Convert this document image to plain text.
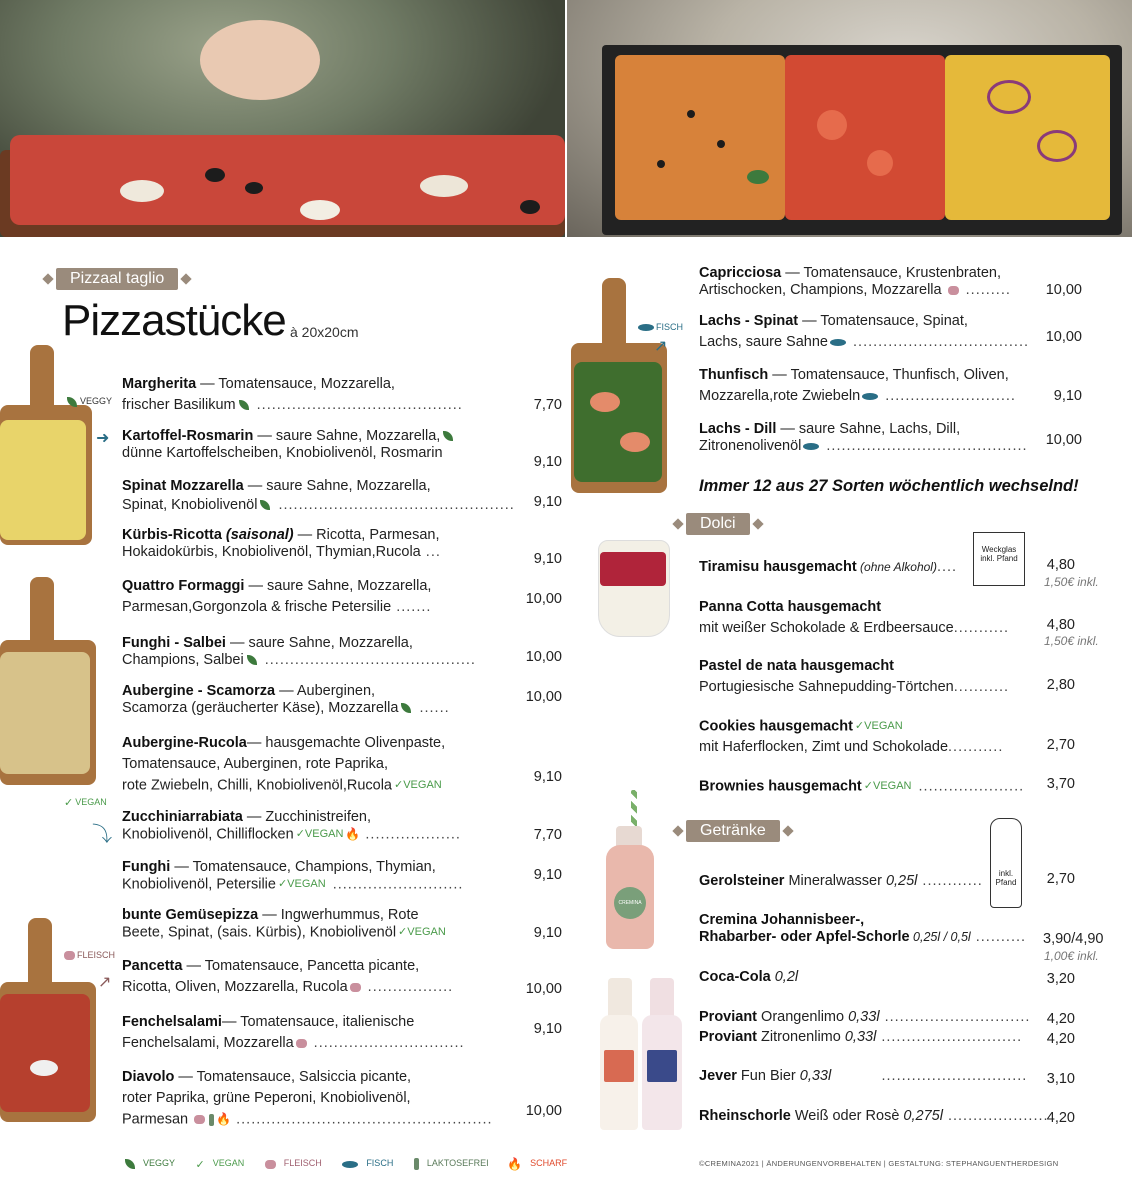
Pizzaal taglio
Pizzastücke à 20x20cm
VEGGY
➜
✓ VEGAN
⤵
FLEISCH
↗
Margherita — Tomatensauce, Mozzarella,
frischer Basilikum .........................................	7,70
Kartoffel-Rosmarin — saure Sahne, Mozzarella,
dünne Kartoffelscheiben, Knobiolivenöl, Rosmarin
9,10
Spinat Mozzarella — saure Sahne, Mozzarella,
Spinat, Knobiolivenöl ...............................................	9,10
Kürbis-Ricotta (saisonal) — Ricotta, Parmesan,
Hokaidokürbis, Knobiolivenöl, Thymian,Rucola ...	9,10
Quattro Formaggi — saure Sahne, Mozzarella,
Parmesan,Gorgonzola & frische Petersilie .......	10,00
Funghi - Salbei — saure Sahne, Mozzarella,
Champions, Salbei ..........................................	10,00
Aubergine - Scamorza — Auberginen,
Scamorza (geräucherter Käse), Mozzarella ......
10,00
Aubergine-Rucola— hausgemachte Olivenpaste,
Tomatensauce, Auberginen, rote Paprika,
rote Zwiebeln, Chilli, Knobiolivenöl,Rucola ✓VEGAN	9,10
Zucchiniarrabiata — Zucchinistreifen,
Knobiolivenöl, Chilliflocken ✓VEGAN 🔥 ...................	7,70
Funghi — Tomatensauce, Champions, Thymian,
Knobiolivenöl, Petersilie ✓VEGAN ..........................
9,10
bunte Gemüsepizza — Ingwerhummus, Rote
Beete, Spinat, (sais. Kürbis), Knobiolivenöl ✓VEGAN	9,10
Pancetta — Tomatensauce, Pancetta picante,
Ricotta, Oliven, Mozzarella, Rucola .................	10,00
Fenchelsalami— Tomatensauce, italienische
Fenchelsalami, Mozzarella ..............................
9,10
Diavolo — Tomatensauce, Salsiccia picante,
roter Paprika, grüne Peperoni, Knobiolivenöl,
Parmesan 🔥 ...................................................
10,00
VEGGY ✓ VEGAN	FLEISCH	FISCH	LAKTOSEFREI 🔥 SCHARF
FISCH
↗
Capricciosa — Tomatensauce, Krustenbraten,
Artischocken, Champions, Mozzarella  .........	10,00
Lachs - Spinat — Tomatensauce, Spinat,
Lachs, saure Sahne ...................................	10,00
Thunfisch — Tomatensauce, Thunfisch, Oliven,
Mozzarella,rote Zwiebeln ..........................	9,10
Lachs - Dill — saure Sahne, Lachs, Dill,
Zitronenolivenöl ........................................	10,00
Immer 12 aus 27 Sorten wöchentlich wechselnd!
Dolci
Weckglas inkl. Pfand
Tiramisu hausgemacht (ohne Alkohol)....	4,80
1,50€ inkl.
Panna Cotta hausgemacht
mit weißer Schokolade & Erdbeersauce...........	4,80
1,50€ inkl.
Pastel de nata hausgemacht
Portugiesische Sahnepudding-Törtchen...........	2,80
Cookies hausgemacht ✓VEGAN
mit Haferflocken, Zimt und Schokolade...........	2,70
Brownies hausgemacht ✓VEGAN .....................	3,70
Getränke
CREMINA
inkl. Pfand
Gerolsteiner Mineralwasser 0,25l ............	2,70
Cremina Johannisbeer-,
Rhabarber- oder Apfel-Schorle 0,25l / 0,5l .......... 3,90/4,90
1,00€ inkl.
Coca-Cola 0,2l	3,20
Proviant Orangenlimo 0,33l .............................	4,20
Proviant Zitronenlimo 0,33l ............................	4,20
Jever Fun Bier 0,33l          .............................	3,10
Rheinschorle Weiß oder Rosè 0,275l ....................
4,20
©CREMINA2021 | ÄNDERUNGENVORBEHALTEN | GESTALTUNG: STEPHANGUENTHERDESIGN
